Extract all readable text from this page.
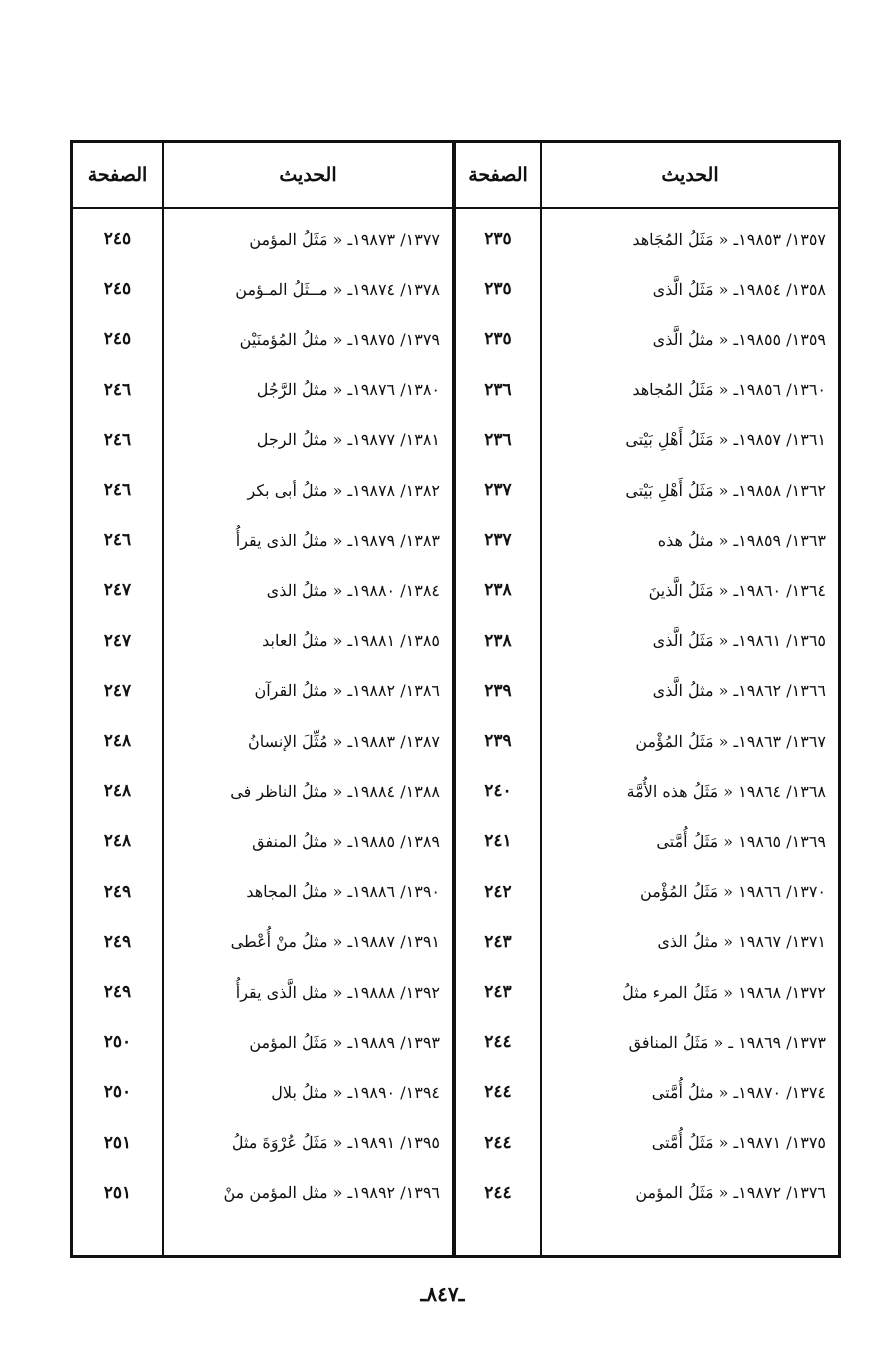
الحديث
الصفحة
الحديث
الصفحة
١٣٥٧/ ١٩٨٥٣ـ « مَثَلُ المُجَاهد
١٣٥٨/ ١٩٨٥٤ـ « مَثَلُ الَّذى
١٣٥٩/ ١٩٨٥٥ـ « مثلُ الَّذى
١٣٦٠/ ١٩٨٥٦ـ « مَثَلُ المُجاهد
١٣٦١/ ١٩٨٥٧ـ « مَثَلُ أَهْلِ بَيْتى
١٣٦٢/ ١٩٨٥٨ـ « مَثَلُ أَهْلِ بَيْتى
١٣٦٣/ ١٩٨٥٩ـ « مثلُ هذه
١٣٦٤/ ١٩٨٦٠ـ « مَثَلُ الَّذينَ
١٣٦٥/ ١٩٨٦١ـ « مَثَلُ الَّذى
١٣٦٦/ ١٩٨٦٢ـ « مثلُ الَّذى
١٣٦٧/ ١٩٨٦٣ـ « مَثَلُ المُؤْمن
١٣٦٨/ ١٩٨٦٤ « مَثَلُ هذه الأُمَّة
١٣٦٩/ ١٩٨٦٥ « مَثَلُ أُمَّتى
١٣٧٠/ ١٩٨٦٦ « مَثَلُ المُؤْمن
١٣٧١/ ١٩٨٦٧ « مثلُ الذى
١٣٧٢/ ١٩٨٦٨ « مَثَلُ المرء مثلُ
١٣٧٣/ ١٩٨٦٩ ـ « مَثَلُ المنافق
١٣٧٤/ ١٩٨٧٠ـ « مثلُ أُمَّتى
١٣٧٥/ ١٩٨٧١ـ « مَثَلُ أُمَّتى
١٣٧٦/ ١٩٨٧٢ـ « مَثَلُ المؤمن
٢٣٥
٢٣٥
٢٣٥
٢٣٦
٢٣٦
٢٣٧
٢٣٧
٢٣٨
٢٣٨
٢٣٩
٢٣٩
٢٤٠
٢٤١
٢٤٢
٢٤٣
٢٤٣
٢٤٤
٢٤٤
٢٤٤
٢٤٤
١٣٧٧/ ١٩٨٧٣ـ « مَثَلُ المؤمن
١٣٧٨/ ١٩٨٧٤ـ « مــثَلُ المـؤمن
١٣٧٩/ ١٩٨٧٥ـ « مثلُ المُؤمنَيْن
١٣٨٠/ ١٩٨٧٦ـ « مثلُ الرَّجُل
١٣٨١/ ١٩٨٧٧ـ « مثلُ الرجل
١٣٨٢/ ١٩٨٧٨ـ « مثلُ أبى بكر
١٣٨٣/ ١٩٨٧٩ـ « مثلُ الذى يقرأُ
١٣٨٤/ ١٩٨٨٠ـ « مثلُ الذى
١٣٨٥/ ١٩٨٨١ـ « مثلُ العابد
١٣٨٦/ ١٩٨٨٢ـ « مثلُ القرآن
١٣٨٧/ ١٩٨٨٣ـ « مُثِّلَ الإنسانُ
١٣٨٨/ ١٩٨٨٤ـ « مثلُ الناظر فى
١٣٨٩/ ١٩٨٨٥ـ « مثلُ المنفق
١٣٩٠/ ١٩٨٨٦ـ « مثلُ المجاهد
١٣٩١/ ١٩٨٨٧ـ « مثلُ منْ أُعْطى
١٣٩٢/ ١٩٨٨٨ـ « مثل الَّذى يقرأُ
١٣٩٣/ ١٩٨٨٩ـ « مَثَلُ المؤمن
١٣٩٤/ ١٩٨٩٠ـ « مثلُ بلال
١٣٩٥/ ١٩٨٩١ـ « مَثَلُ عُرْوَةَ مثلُ
١٣٩٦/ ١٩٨٩٢ـ « مثل المؤمن منْ
٢٤٥
٢٤٥
٢٤٥
٢٤٦
٢٤٦
٢٤٦
٢٤٦
٢٤٧
٢٤٧
٢٤٧
٢٤٨
٢٤٨
٢٤٨
٢٤٩
٢٤٩
٢٤٩
٢٥٠
٢٥٠
٢٥١
٢٥١
ـ٨٤٧ـ
